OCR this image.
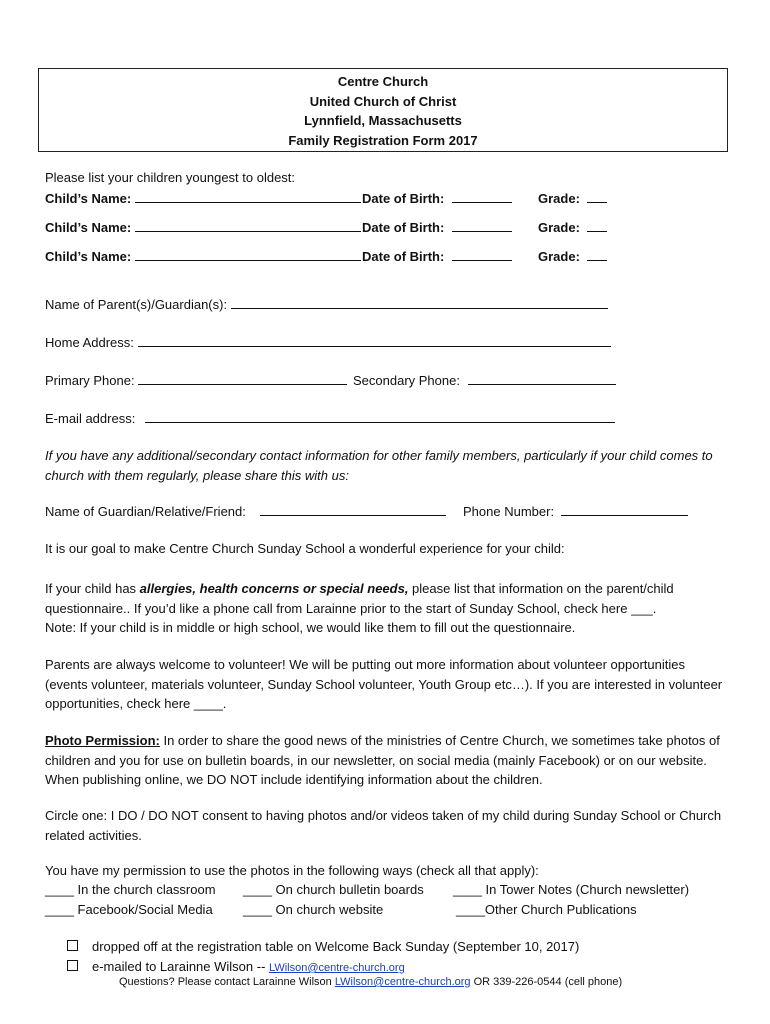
Centre Church
United Church of Christ
Lynnfield, Massachusetts
Family Registration Form 2017
Please list your children youngest to oldest:
Child’s Name:	Date of Birth:	Grade:
Child’s Name:	Date of Birth:	Grade:
Child’s Name:	Date of Birth:	Grade:
Name of Parent(s)/Guardian(s):
Home Address:
Primary Phone:	Secondary Phone:
E-mail address:
If you have any additional/secondary contact information for other family members, particularly if your child comes to church with them regularly, please share this with us:
Name of Guardian/Relative/Friend:	Phone Number:
It is our goal to make Centre Church Sunday School a wonderful experience for your child:
If your child has allergies, health concerns or special needs, please list that information on the parent/child questionnaire.. If you’d like a phone call from Larainne prior to the start of Sunday School, check here ___.
Note: If your child is in middle or high school, we would like them to fill out the questionnaire.
Parents are always welcome to volunteer! We will be putting out more information about volunteer opportunities (events volunteer, materials volunteer, Sunday School volunteer, Youth Group etc…). If you are interested in volunteer opportunities, check here ____.
Photo Permission: In order to share the good news of the ministries of Centre Church, we sometimes take photos of children and you for use on bulletin boards, in our newsletter, on social media (mainly Facebook) or on our website. When publishing online, we DO NOT include identifying information about the children.
Circle one: I DO / DO NOT consent to having photos and/or videos taken of my child during Sunday School or Church related activities.
You have my permission to use the photos in the following ways (check all that apply):
____ In the church classroom ____ On church bulletin boards ____ In Tower Notes (Church newsletter)
____ Facebook/Social Media ____ On church website	____Other Church Publications
dropped off at the registration table on Welcome Back Sunday (September 10, 2017)
e-mailed to Larainne Wilson -- LWilson@centre-church.org
Questions? Please contact Larainne Wilson LWilson@centre-church.org OR 339-226-0544 (cell phone)
